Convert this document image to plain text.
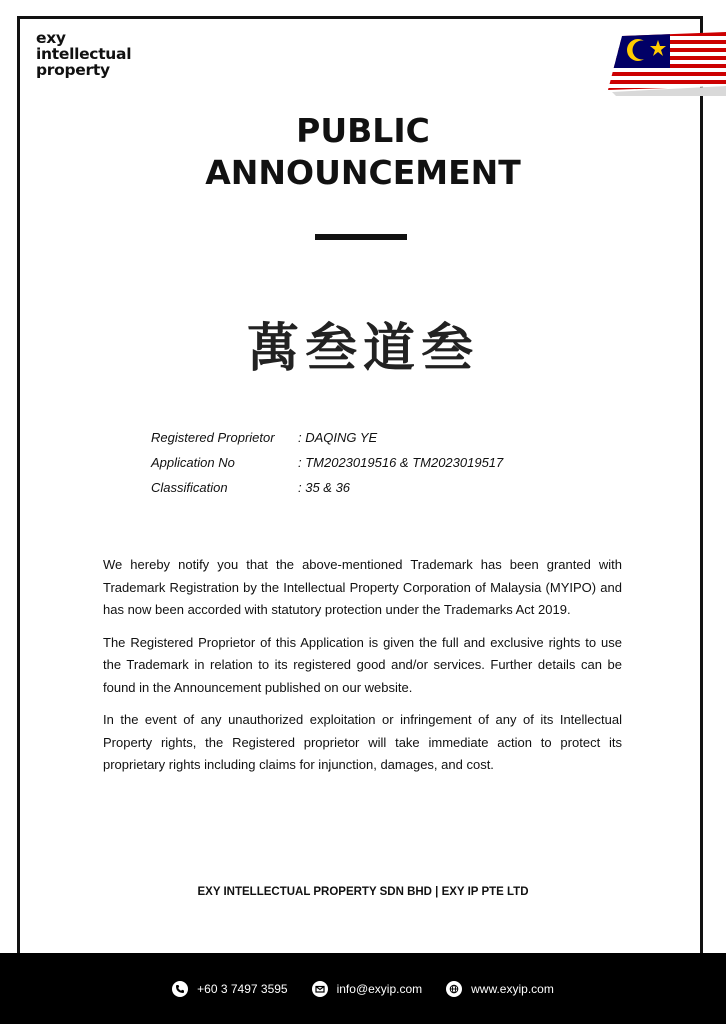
exy
intellectual
property
PUBLIC
ANNOUNCEMENT
萬叁道叁
Registered Proprietor	: DAQING YE
Application No	: TM2023019516 & TM2023019517
Classification	: 35 & 36

We hereby notify you that the above-mentioned Trademark has been granted with Trademark Registration by the Intellectual Property Corporation of Malaysia (MYIPO) and has now been accorded with statutory protection under the Trademarks Act 2019.

The Registered Proprietor of this Application is given the full and exclusive rights to use the Trademark in relation to its registered good and/or services. Further details can be found in the Announcement published on our website.

In the event of any unauthorized exploitation or infringement of any of its Intellectual Property rights, the Registered proprietor will take immediate action to protect its proprietary rights including claims for injunction, damages, and cost.

EXY INTELLECTUAL PROPERTY SDN BHD | EXY IP PTE LTD
+60 3 7497 3595	info@exyip.com	www.exyip.com
